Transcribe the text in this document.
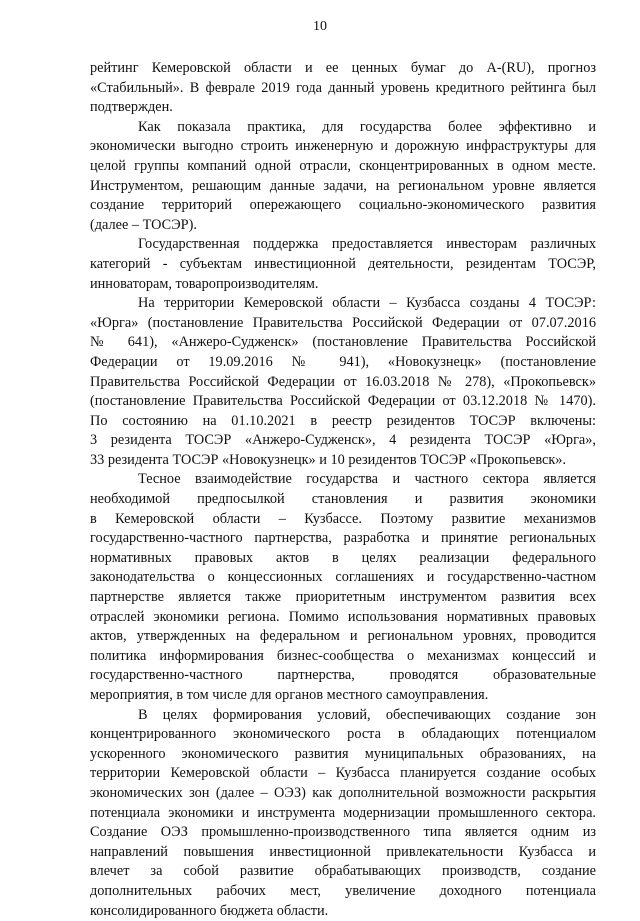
10
рейтинг Кемеровской области и ее ценных бумаг до A-(RU), прогноз
«Стабильный». В феврале 2019 года данный уровень кредитного рейтинга был
подтвержден.
Как показала практика, для государства более эффективно и
экономически выгодно строить инженерную и дорожную инфраструктуры для
целой группы компаний одной отрасли, сконцентрированных в одном месте.
Инструментом, решающим данные задачи, на региональном уровне является
создание территорий опережающего социально-экономического развития
(далее – ТОСЭР).
Государственная поддержка предоставляется инвесторам различных
категорий - субъектам инвестиционной деятельности, резидентам ТОСЭР,
инноваторам, товаропроизводителям.
На территории Кемеровской области – Кузбасса созданы 4 ТОСЭР:
«Юрга» (постановление Правительства Российской Федерации от 07.07.2016
№ 641), «Анжеро-Судженск» (постановление Правительства Российской
Федерации от 19.09.2016 № 941), «Новокузнецк» (постановление
Правительства Российской Федерации от 16.03.2018 № 278), «Прокопьевск»
(постановление Правительства Российской Федерации от 03.12.2018 № 1470).
По состоянию на 01.10.2021 в реестр резидентов ТОСЭР включены:
3 резидента ТОСЭР «Анжеро-Судженск», 4 резидента ТОСЭР «Юрга»,
33 резидента ТОСЭР «Новокузнецк» и 10 резидентов ТОСЭР «Прокопьевск».
Тесное взаимодействие государства и частного сектора является
необходимой предпосылкой становления и развития экономики
в Кемеровской области – Кузбассе. Поэтому развитие механизмов
государственно-частного партнерства, разработка и принятие региональных
нормативных правовых актов в целях реализации федерального
законодательства о концессионных соглашениях и государственно-частном
партнерстве является также приоритетным инструментом развития всех
отраслей экономики региона. Помимо использования нормативных правовых
актов, утвержденных на федеральном и региональном уровнях, проводится
политика информирования бизнес-сообщества о механизмах концессий и
государственно-частного партнерства, проводятся образовательные
мероприятия, в том числе для органов местного самоуправления.
В целях формирования условий, обеспечивающих создание зон
концентрированного экономического роста в обладающих потенциалом
ускоренного экономического развития муниципальных образованиях, на
территории Кемеровской области – Кузбасса планируется создание особых
экономических зон (далее – ОЭЗ) как дополнительной возможности раскрытия
потенциала экономики и инструмента модернизации промышленного сектора.
Создание ОЭЗ промышленно-производственного типа является одним из
направлений повышения инвестиционной привлекательности Кузбасса и
влечет за собой развитие обрабатывающих производств, создание
дополнительных рабочих мест, увеличение доходного потенциала
консолидированного бюджета области.
